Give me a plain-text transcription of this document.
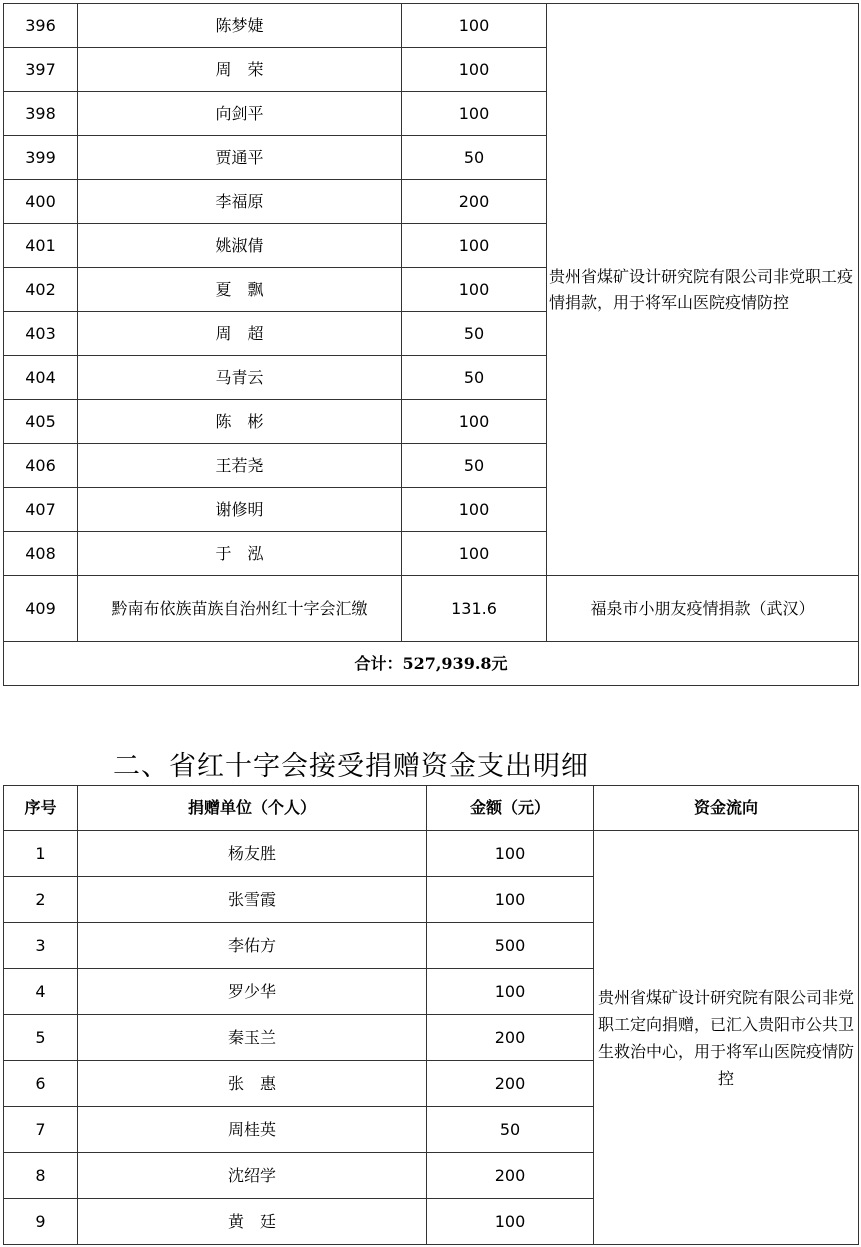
396	陈梦婕	100	贵州省煤矿设计研究院有限公司非党职工疫情捐款，用于将军山医院疫情防控
397	周　荣	100	
398	向剑平	100	
399	贾通平	50	
400	李福原	200	
401	姚淑倩	100	
402	夏　飘	100	
403	周　超	50	
404	马青云	50	
405	陈　彬	100	
406	王若尧	50	
407	谢修明	100	
408	于　泓	100	
409	黔南布依族苗族自治州红十字会汇缴	131.6	福泉市小朋友疫情捐款（武汉）
合计：527,939.8元			
二、省红十字会接受捐赠资金支出明细
序号	捐赠单位（个人）	金额（元）	资金流向
1	杨友胜	100	贵州省煤矿设计研究院有限公司非党职工定向捐赠，已汇入贵阳市公共卫生救治中心，用于将军山医院疫情防控
2	张雪霞	100	
3	李佑方	500	
4	罗少华	100	
5	秦玉兰	200	
6	张　惠	200	
7	周桂英	50	
8	沈绍学	200	
9	黄　廷	100	
